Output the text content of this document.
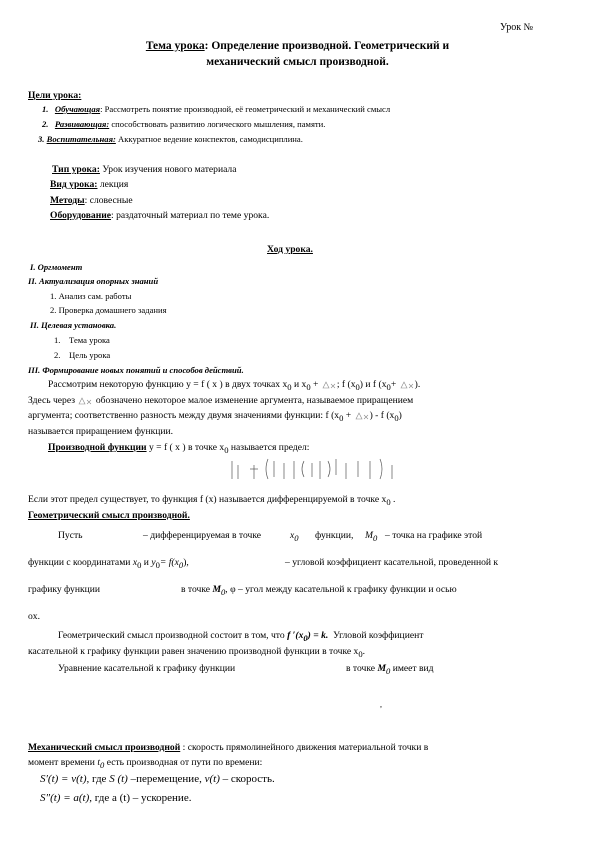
Урок №
Тема урока: Определение производной. Геометрический и
механический смысл производной.
Цели урока:
1. Обучающая: Рассмотреть понятие производной, её геометрический и механический смысл
2. Развивающая: способствовать развитию логического мышления, памяти.
3. Воспитательная: Аккуратное ведение конспектов, самодисциплина.
Тип урока: Урок изучения нового материала
Вид урока: лекция
Методы: словесные
Оборудование: раздаточный материал по теме урока.
Ход урока.
I. Оргмомент
II. Актуализация опорных знаний
1. Анализ сам. работы
2. Проверка домашнего задания
II. Целевая установка.
1. Тема урока
2. Цель урока
III. Формирование новых понятий и способов действий.
Рассмотрим некоторую функцию y = f ( x ) в двух точках $x_0$ и $x_0$ + ; f $(x_0)$ и f ($x_0+$ ).
Здесь через обозначено некоторое малое изменение аргумента, называемое приращением
аргумента; соответственно разность между двумя значениями функции: f ($x_0$ + ) - f $(x_0)$
называется приращением функции.
Производной функции y = f ( x ) в точке $x_0$ называется предел:
Если этот предел существует, то функция f (x) называется дифференцируемой в точке $x_0$ .
Геометрический смысл производной.
Пусть	– дифференцируемая в точке	$x_0$ функции, $M_0$ – точка на графике этой
функции с координатами $x_0$ и $y_0= f(x_0)$,	– угловой коэффициент касательной, проведенной к
графику функции	в точке $M_0$, φ – угол между касательной к графику функции и осью
ox.
Геометрический смысл производной состоит в том, что f $'(x_0) = k$. Угловой коэффициент
касательной к графику функции равен значению производной функции в точке $x_0$.
Уравнение касательной к графику функции	в точке $M_0$ имеет вид
,
Механический смысл производной : скорость прямолинейного движения материальной точки в
момент времени $t_0$ есть производная от пути по времени:
S′(t) = v(t), где S (t) –перемещение, v(t) – скорость.
S″(t) = a(t), где a (t) – ускорение.
